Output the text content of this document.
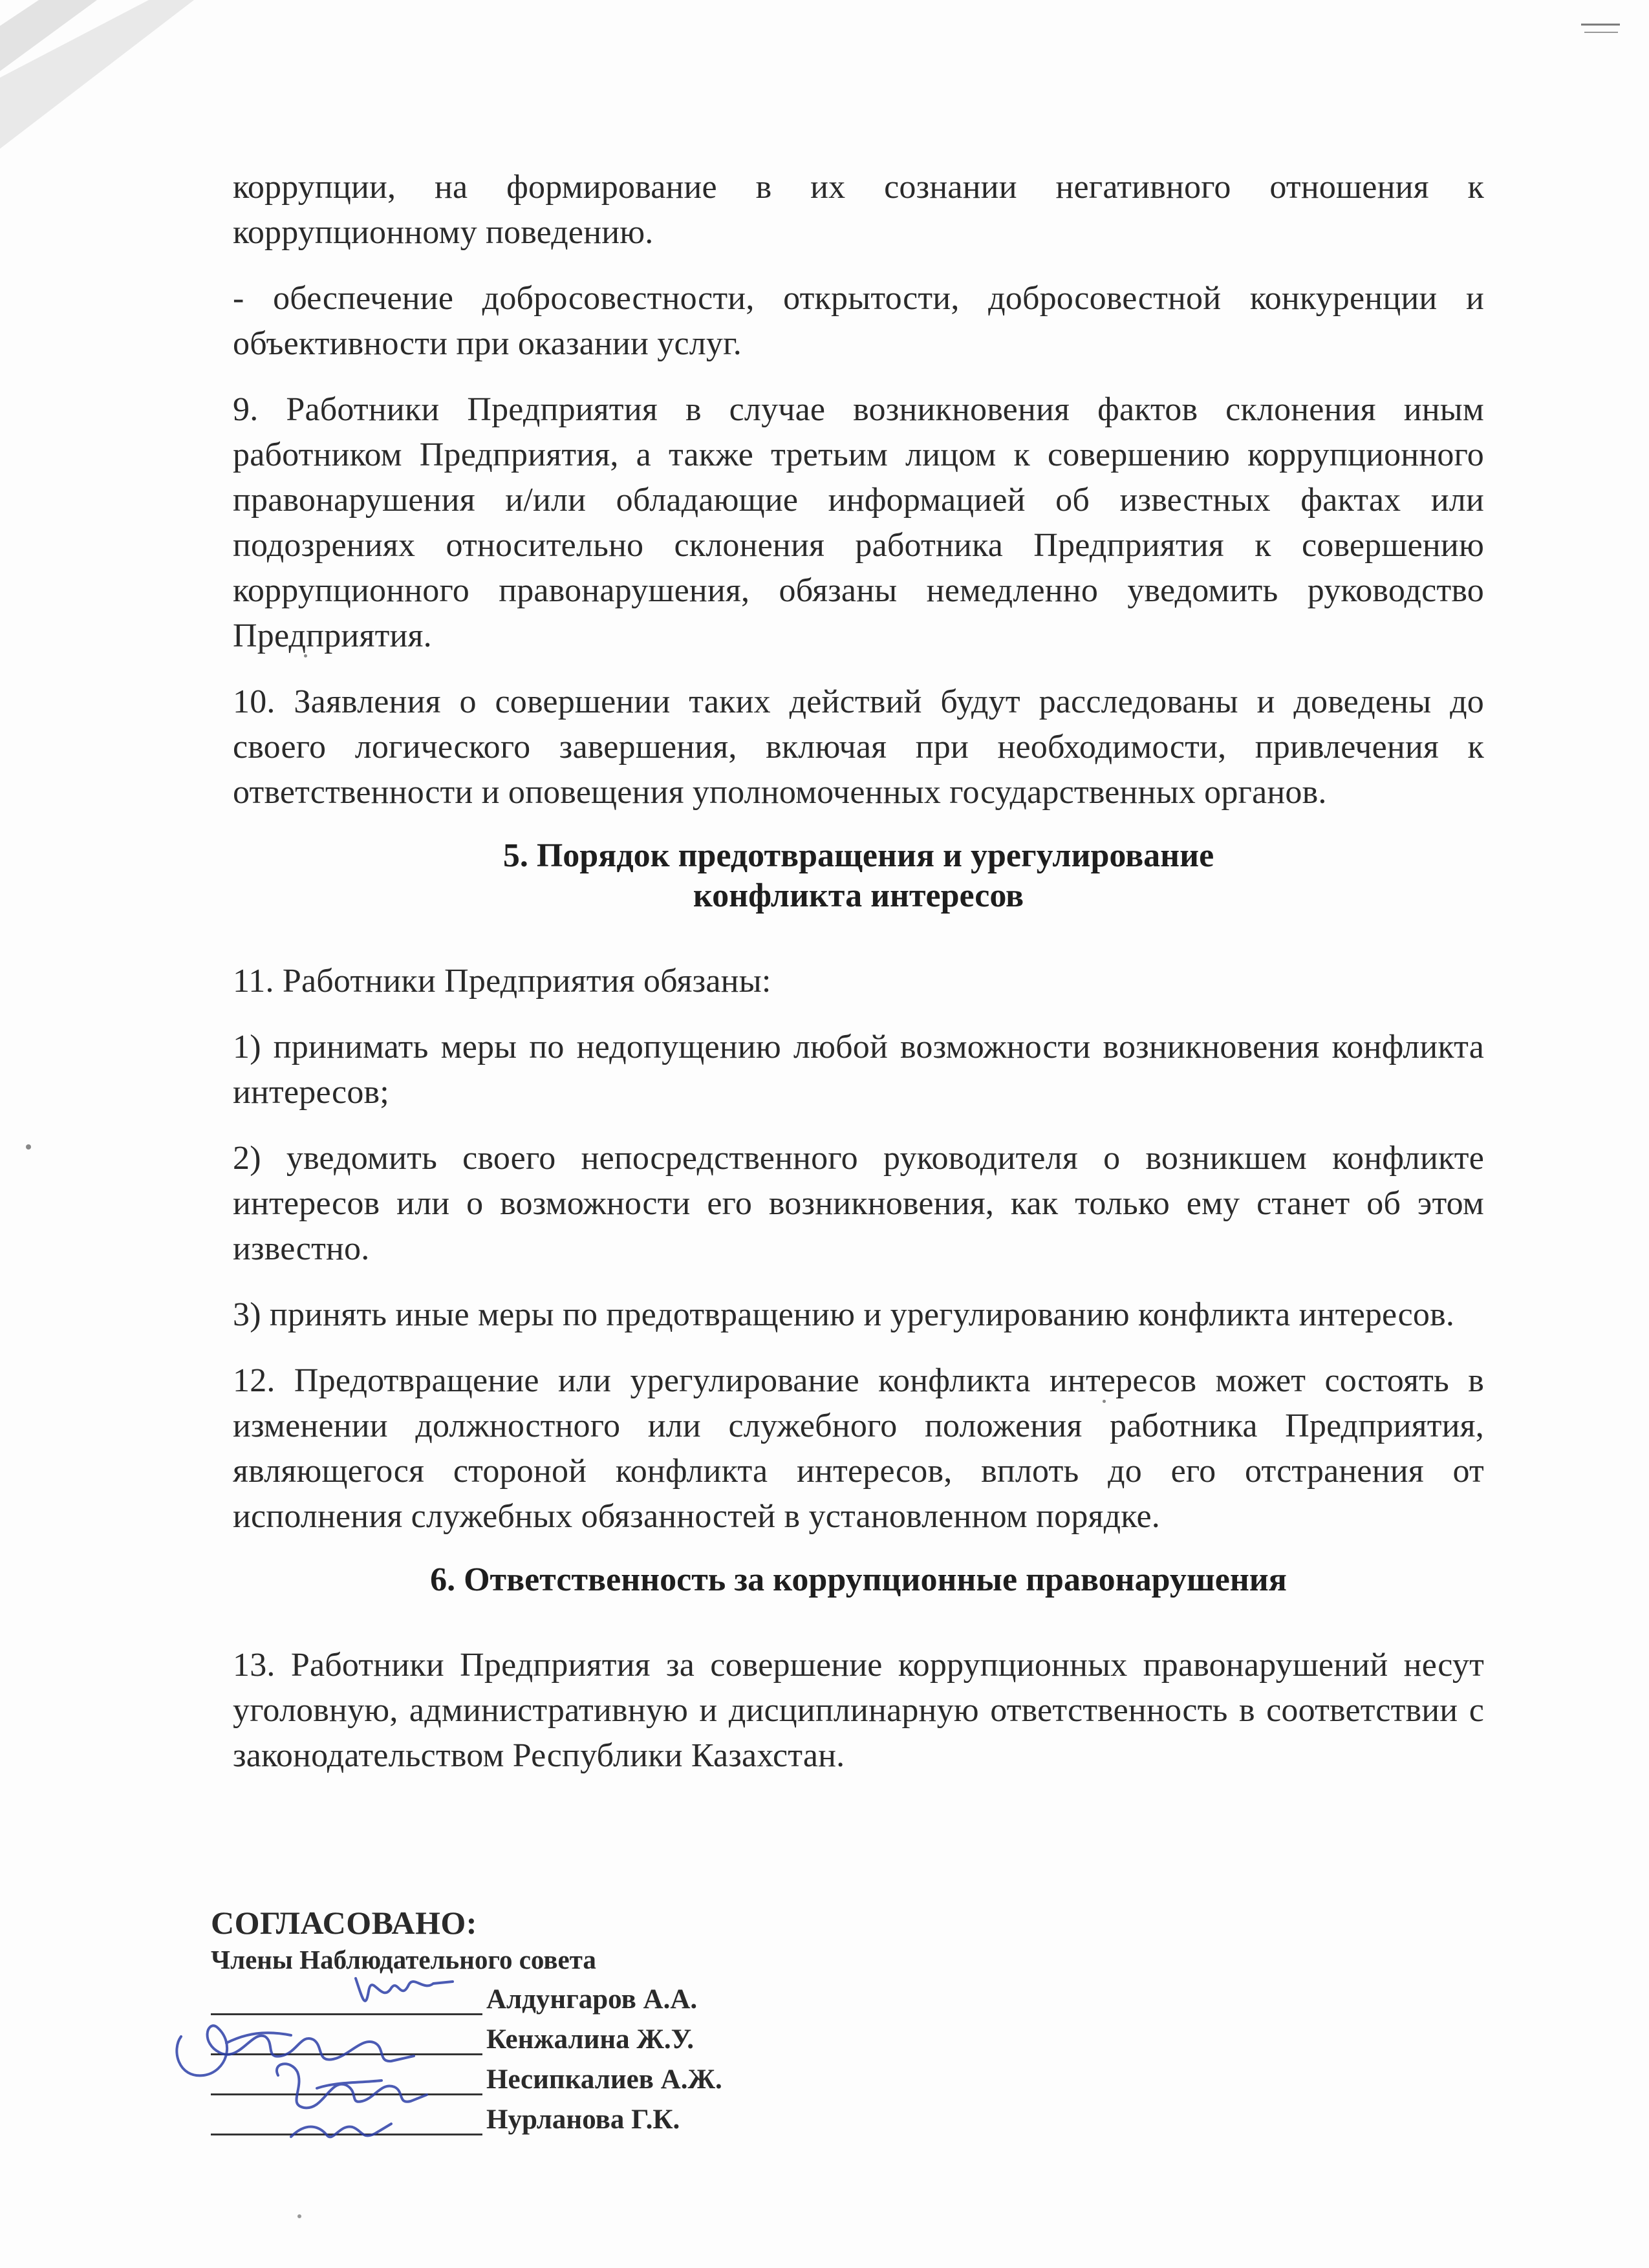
коррупции, на формирование в их сознании негативного отношения к коррупционному поведению.

- обеспечение добросовестности, открытости, добросовестной конкуренции и объективности при оказании услуг.

9. Работники Предприятия в случае возникновения фактов склонения иным работником Предприятия, а также третьим лицом к совершению коррупционного правонарушения и/или обладающие информацией об известных фактах или подозрениях относительно склонения работника Предприятия к совершению коррупционного правонарушения, обязаны немедленно уведомить руководство Предприятия.

10. Заявления о совершении таких действий будут расследованы и доведены до своего логического завершения, включая при необходимости, привлечения к ответственности и оповещения уполномоченных государственных органов.

5. Порядок предотвращения и урегулирование
конфликта интересов

11. Работники Предприятия обязаны:

1) принимать меры по недопущению любой возможности возникновения конфликта интересов;

2) уведомить своего непосредственного руководителя о возникшем конфликте интересов или о возможности его возникновения, как только ему станет об этом известно.

3) принять иные меры по предотвращению и урегулированию конфликта интересов.

12. Предотвращение или урегулирование конфликта интересов может состоять в изменении должностного или служебного положения работника Предприятия, являющегося стороной конфликта интересов, вплоть до его отстранения от исполнения служебных обязанностей в установленном порядке.

6. Ответственность за коррупционные правонарушения

13. Работники Предприятия за совершение коррупционных правонарушений несут уголовную, административную и дисциплинарную ответственность в соответствии с законодательством Республики Казахстан.

СОГЛАСОВАНО:
Члены Наблюдательного совета
Алдунгаров А.А.
Кенжалина Ж.У.
Несипкалиев А.Ж.
Нурланова Г.К.
